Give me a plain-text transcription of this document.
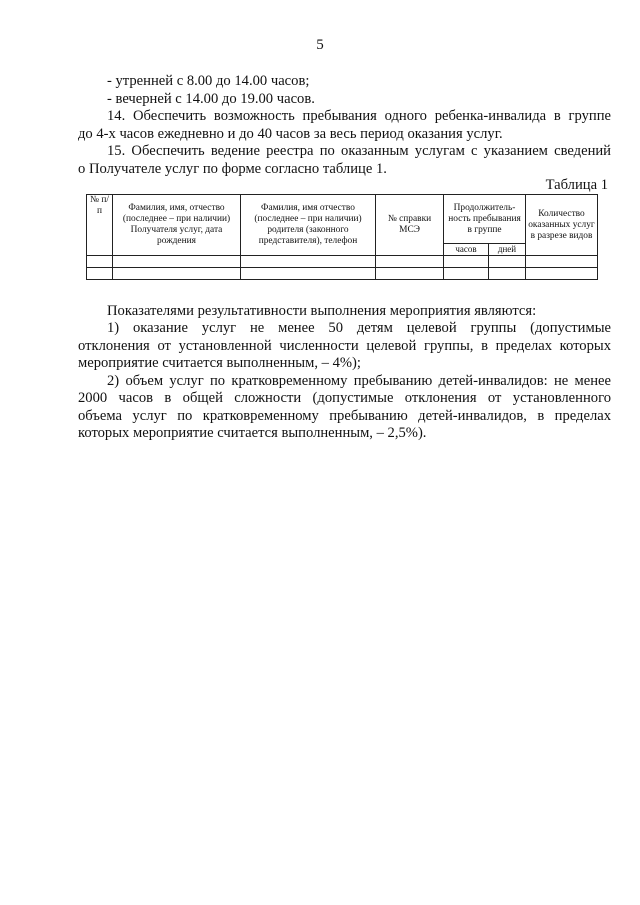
5
- утренней с 8.00 до 14.00 часов;
- вечерней с 14.00 до 19.00 часов.
14. Обеспечить возможность пребывания одного ребенка-инвалида в группе
до 4-х часов ежедневно и до 40 часов за весь период оказания услуг.
15. Обеспечить ведение реестра по оказанным услугам с указанием сведений
о Получателе услуг по форме согласно таблице 1.
Таблица 1
№ п/п	Фамилия, имя, отчество (последнее – при наличии) Получателя услуг, дата рождения	Фамилия, имя отчество (последнее – при наличии) родителя (законного представителя), телефон	№ справки МСЭ	Продолжитель-ность пребывания в группе		Количество оказанных услуг в разрезе видов
				часов	дней	

Показателями результативности выполнения мероприятия являются:
1) оказание услуг не менее 50 детям целевой группы (допустимые
отклонения от установленной численности целевой группы, в пределах которых
мероприятие считается выполненным, – 4%);
2) объем услуг по кратковременному пребыванию детей-инвалидов: не менее
2000 часов в общей сложности (допустимые отклонения от установленного
объема услуг по кратковременному пребыванию детей-инвалидов, в пределах
которых мероприятие считается выполненным, – 2,5%).
